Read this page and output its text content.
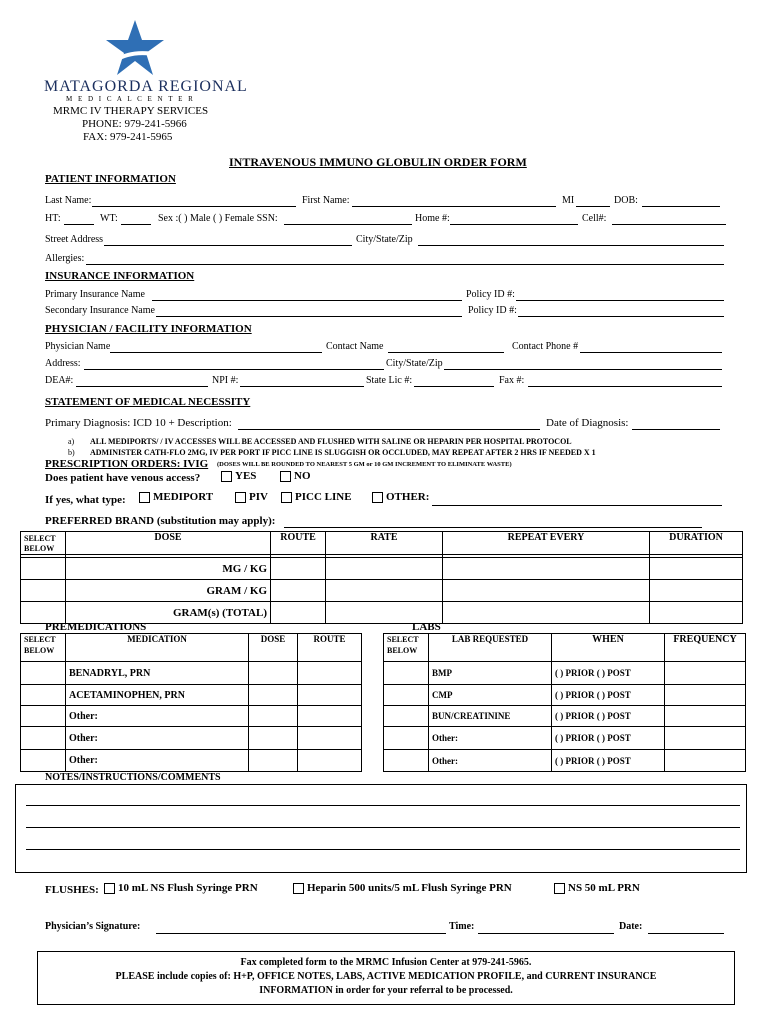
MATAGORDA REGIONAL
M E D I C A L C E N T E R
MRMC IV THERAPY SERVICES
PHONE: 979-241-5966
FAX: 979-241-5965
INTRAVENOUS IMMUNO GLOBULIN ORDER FORM
PATIENT INFORMATION
Last Name:	First Name:	MI	DOB:
HT:	WT:	Sex :( ) Male ( ) Female SSN:	Home #:	Cell#:
Street Address	City/State/Zip
Allergies:
INSURANCE INFORMATION
Primary Insurance Name	Policy ID #:
Secondary Insurance Name	Policy ID #:
PHYSICIAN / FACILITY INFORMATION
Physician Name	Contact Name	Contact Phone #
Address:	City/State/Zip
DEA#:	NPI #:	State Lic #:	Fax #:
STATEMENT OF MEDICAL NECESSITY
Primary Diagnosis: ICD 10 + Description:	Date of Diagnosis:
a) ALL MEDIPORTS/ / IV ACCESSES WILL BE ACCESSED AND FLUSHED WITH SALINE OR HEPARIN PER HOSPITAL PROTOCOL
b) ADMINISTER CATH-FLO 2MG, IV PER PORT IF PICC LINE IS SLUGGISH OR OCCLUDED, MAY REPEAT AFTER 2 HRS IF NEEDED X 1
PRESCRIPTION ORDERS: IVIG (DOSES WILL BE ROUNDED TO NEAREST 5 GM or 10 GM INCREMENT TO ELIMINATE WASTE)
Does patient have venous access?	YES	NO
If yes, what type:	MEDIPORT	PIV	PICC LINE	OTHER:
PREFERRED BRAND (substitution may apply):
SELECT BELOW	DOSE	ROUTE	RATE	REPEAT EVERY	DURATION

	MG / KG				
	GRAM / KG				
	GRAM(s) (TOTAL)				
PREMEDICATIONS	LABS
SELECT BELOW	MEDICATION	DOSE	ROUTE
	BENADRYL, PRN		
	ACETAMINOPHEN, PRN		
	Other:		
	Other:		
	Other:		
SELECT BELOW	LAB REQUESTED	WHEN	FREQUENCY
	BMP	( ) PRIOR ( ) POST	
	CMP	( ) PRIOR ( ) POST	
	BUN/CREATININE	( ) PRIOR ( ) POST	
	Other:	( ) PRIOR ( ) POST	
	Other:	( ) PRIOR ( ) POST	
NOTES/INSTRUCTIONS/COMMENTS
FLUSHES:	10 mL NS Flush Syringe PRN	Heparin 500 units/5 mL Flush Syringe PRN	NS 50 mL PRN
Physician’s Signature:	Time:	Date:
Fax completed form to the MRMC Infusion Center at 979-241-5965.
PLEASE include copies of: H+P, OFFICE NOTES, LABS, ACTIVE MEDICATION PROFILE, and CURRENT INSURANCE
INFORMATION in order for your referral to be processed.
